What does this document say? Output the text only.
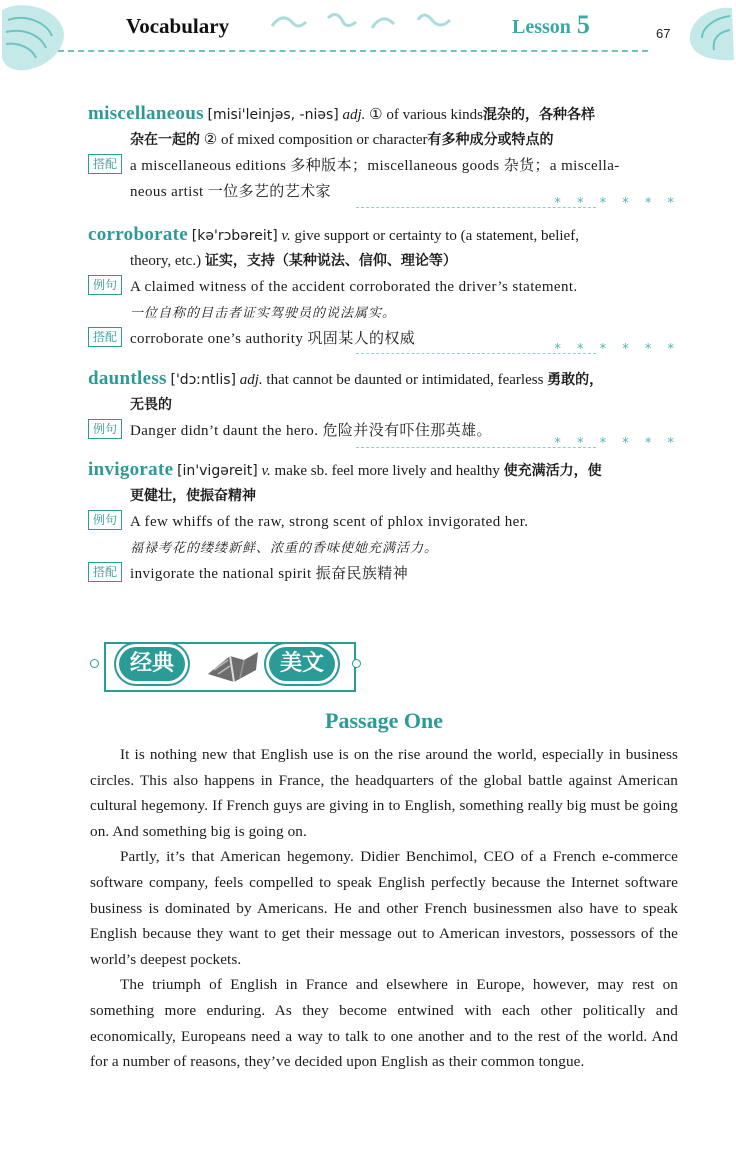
Vocabulary	Lesson 5	67
miscellaneous [misi'leinjəs, -niəs] adj. ① of various kinds混杂的，各种各样
杂在一起的 ② of mixed composition or character有多种成分或特点的
搭配 a miscellaneous editions 多种版本；miscellaneous goods 杂货；a miscella-
neous artist 一位多艺的艺术家
* * * * * *
corroborate [kə'rɔbəreit] v. give support or certainty to (a statement, belief,
theory, etc.) 证实，支持（某种说法、信仰、理论等）
例句 A claimed witness of the accident corroborated the driver’s statement.
一位自称的目击者证实驾驶员的说法属实。
搭配 corroborate one’s authority 巩固某人的权威
* * * * * *
dauntless ['dɔːntlis] adj. that cannot be daunted or intimidated, fearless 勇敢的，
无畏的
例句 Danger didn’t daunt the hero. 危险并没有吓住那英雄。
* * * * * *
invigorate [in'vigəreit] v. make sb. feel more lively and healthy 使充满活力，使
更健壮，使振奋精神
例句 A few whiffs of the raw, strong scent of phlox invigorated her.
福禄考花的缕缕新鲜、浓重的香味使她充满活力。
搭配 invigorate the national spirit 振奋民族精神
经典	美文
Passage One

It is nothing new that English use is on the rise around the world, especially in business circles. This also happens in France, the headquarters of the global battle against American cultural hegemony. If French guys are giving in to English, something really big must be going on. And something big is going on.

Partly, it’s that American hegemony. Didier Benchimol, CEO of a French e-commerce software company, feels compelled to speak English perfectly because the Internet software business is dominated by Americans. He and other French businessmen also have to speak English because they want to get their message out to American investors, possessors of the world’s deepest pockets.

The triumph of English in France and elsewhere in Europe, however, may rest on something more enduring. As they become entwined with each other politically and economically, Europeans need a way to talk to one another and to the rest of the world. And for a number of reasons, they’ve decided upon English as their common tongue.
